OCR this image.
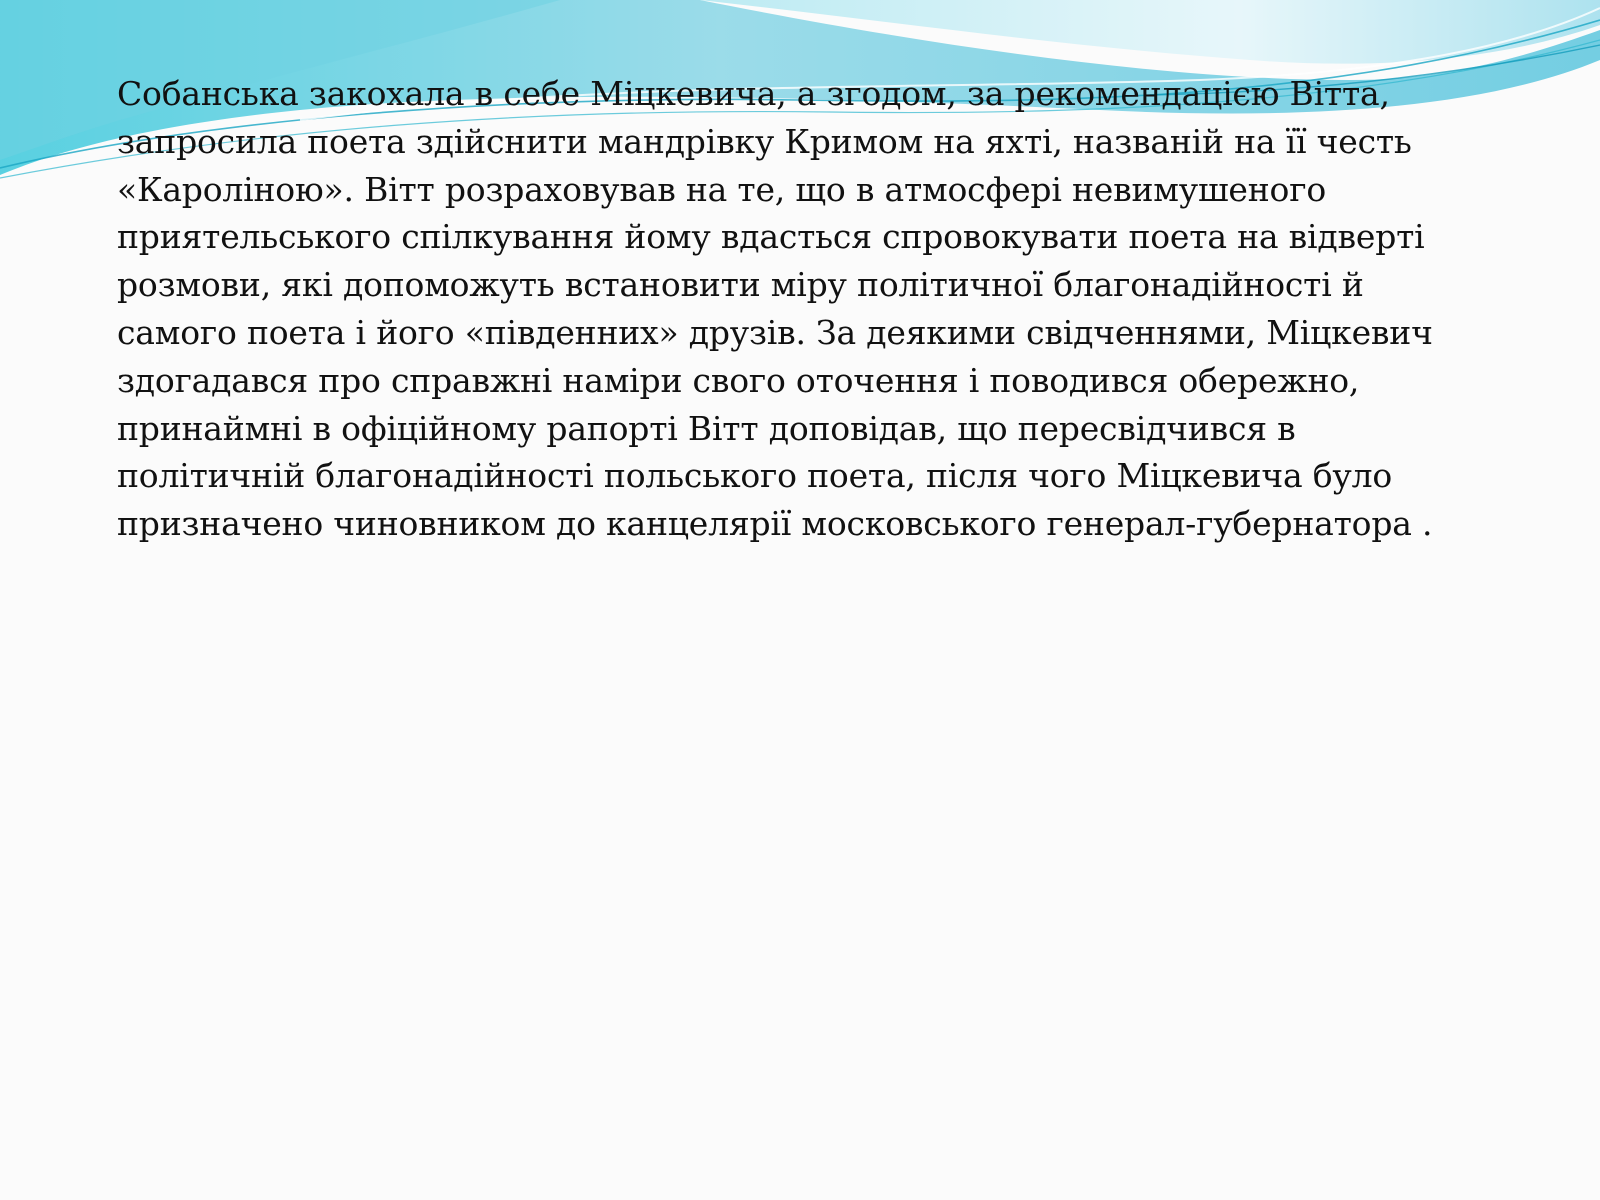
Собанська закохала в себе Міцкевича, а згодом, за рекомендацією Вітта,
запросила поета здійснити мандрівку Кримом на яхті, названій на її честь
«Кароліною». Вітт розраховував на те, що в атмосфері невимушеного
приятельського спілкування йому вдасться спровокувати поета на відверті
розмови, які допоможуть встановити міру політичної благонадійності й
самого поета і його «південних» друзів. За деякими свідченнями, Міцкевич
здогадався про справжні наміри свого оточення і поводився обережно,
принаймні в офіційному рапорті Вітт доповідав, що пересвідчився в
політичній благонадійності польського поета, після чого Міцкевича було
призначено чиновником до канцелярії московського генерал-губернатора .
